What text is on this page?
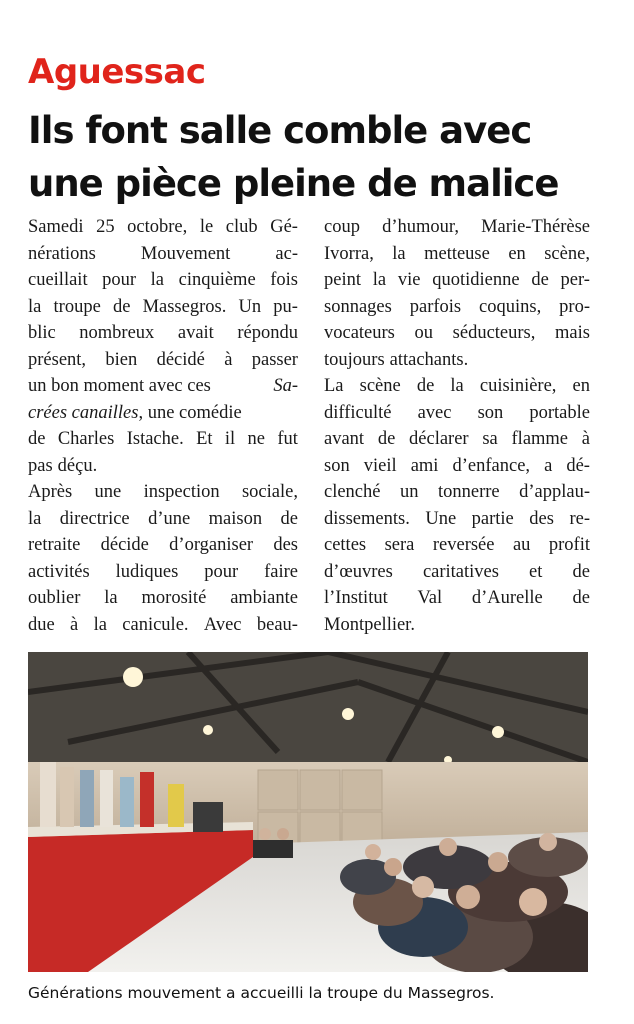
Aguessac
Ils font salle comble avec
une pièce pleine de malice
Samedi 25 octobre, le club Gé-
nérations Mouvement ac-
cueillait pour la cinquième fois
la troupe de Massegros. Un pu-
blic nombreux avait répondu
présent, bien décidé à passer
un bon moment avec ces	Sa-
crées canailles , une comédie
de Charles Istache. Et il ne fut
pas déçu.
Après une inspection sociale,
la directrice d’une maison de
retraite décide d’organiser des
activités ludiques pour faire
oublier la morosité ambiante
due à la canicule. Avec beau-
coup d’humour, Marie-Thérèse
Ivorra, la metteuse en scène,
peint la vie quotidienne de per-
sonnages parfois coquins, pro-
vocateurs ou séducteurs, mais
toujours attachants.
La scène de la cuisinière, en
difficulté avec son portable
avant de déclarer sa flamme à
son vieil ami d’enfance, a dé-
clenché un tonnerre d’applau-
dissements. Une partie des re-
cettes sera reversée au profit
d’œuvres caritatives et de
l’Institut Val d’Aurelle de
Montpellier.
Générations mouvement a accueilli la troupe du Massegros.
